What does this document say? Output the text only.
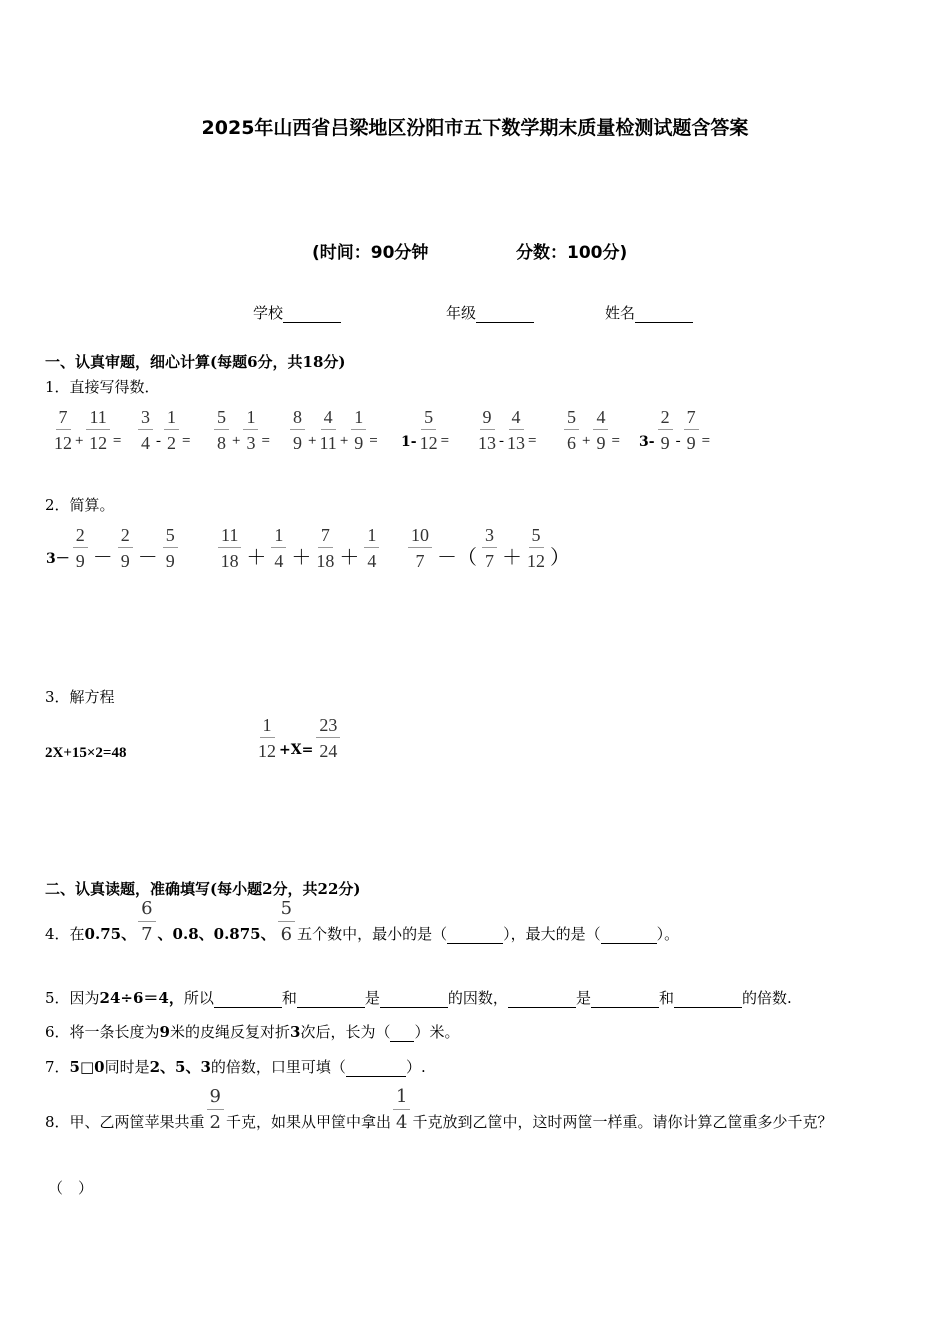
2025年山西省吕梁地区汾阳市五下数学期末质量检测试题含答案
(时间：90分钟	分数：100分)
学校	年级	姓名
一、认真审题，细心计算(每题6分，共18分)
1．直接写得数．
$\frac{7}{12} + \frac{11}{12} = \frac{3}{4} - \frac{1}{2} = \frac{5}{8} + \frac{1}{3} = \frac{8}{9} + \frac{4}{11} + \frac{1}{9} = 1- \frac{5}{12} = \frac{9}{13} - \frac{4}{13} = \frac{5}{6} + \frac{4}{9} = 3- \frac{2}{9} - \frac{7}{9}$ =
2．简算。
$3- \frac{2}{9} - \frac{2}{9} - \frac{5}{9} \frac{11}{18} + \frac{1}{4} + \frac{7}{18} + \frac{1}{4} \frac{10}{7}$ －（ $\frac{3}{7} + \frac{5}{12}$ ）
3．解方程
2X+15×2=48	$\frac{1}{12} +X= \frac{23}{24}$
二、认真读题，准确填写(每小题2分，共22分)
4．在 0.75、 $\frac{6}{7}$ 、0.8、0.875、 $\frac{5}{6}$ 五个数中，最小的是（	），最大的是（	）。
5．因为24÷6＝4，所以	和	是	的因数，	是	和	的倍数.
6．将一条长度为9米的皮绳反复对折3次后，长为（ ）米。
7．5□0同时是2、5、3的倍数，口里可填（	）.
8．甲、乙两筐苹果共重 $\frac{9}{2}$ 千克，如果从甲筐中拿出 $\frac{1}{4}$ 千克放到乙筐中，这时两筐一样重。请你计算乙筐重多少千克？
（　）
